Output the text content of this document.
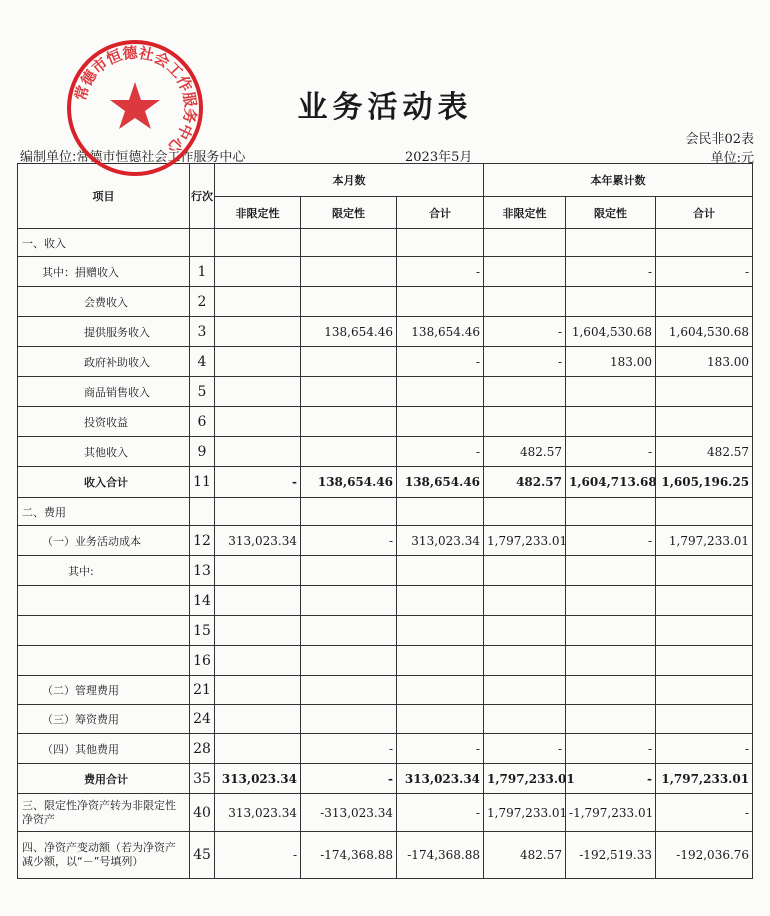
业务活动表
会民非02表
单位:元
编制单位:常德市恒德社会工作服务中心	2023年5月
项目	行次	本月数			本年累计数		
		非限定性	限定性	合计	非限定性	限定性	合计
一、收入							
其中：捐赠收入	1			-		-	-
会费收入	2						
提供服务收入	3		138,654.46	138,654.46	-	1,604,530.68	1,604,530.68
政府补助收入	4			-	-	183.00	183.00
商品销售收入	5						
投资收益	6						
其他收入	9			-	482.57	-	482.57
收入合计	11	-	138,654.46	138,654.46	482.57	1,604,713.68	1,605,196.25
二、费用							
（一）业务活动成本	12	313,023.34	-	313,023.34	1,797,233.01	-	1,797,233.01
其中:	13						
	14						
	15						
	16						
（二）管理费用	21						
（三）筹资费用	24						
（四）其他费用	28		-	-	-	-	-
费用合计	35	313,023.34	-	313,023.34	1,797,233.01	-	1,797,233.01
三、限定性净资产转为非限定性净资产	40	313,023.34	-313,023.34	-	1,797,233.01	-1,797,233.01	-
四、净资产变动额（若为净资产减少额，以“－”号填列）	45	-	-174,368.88	-174,368.88	482.57	-192,519.33	-192,036.76
常德市恒德社会工作服务中心
